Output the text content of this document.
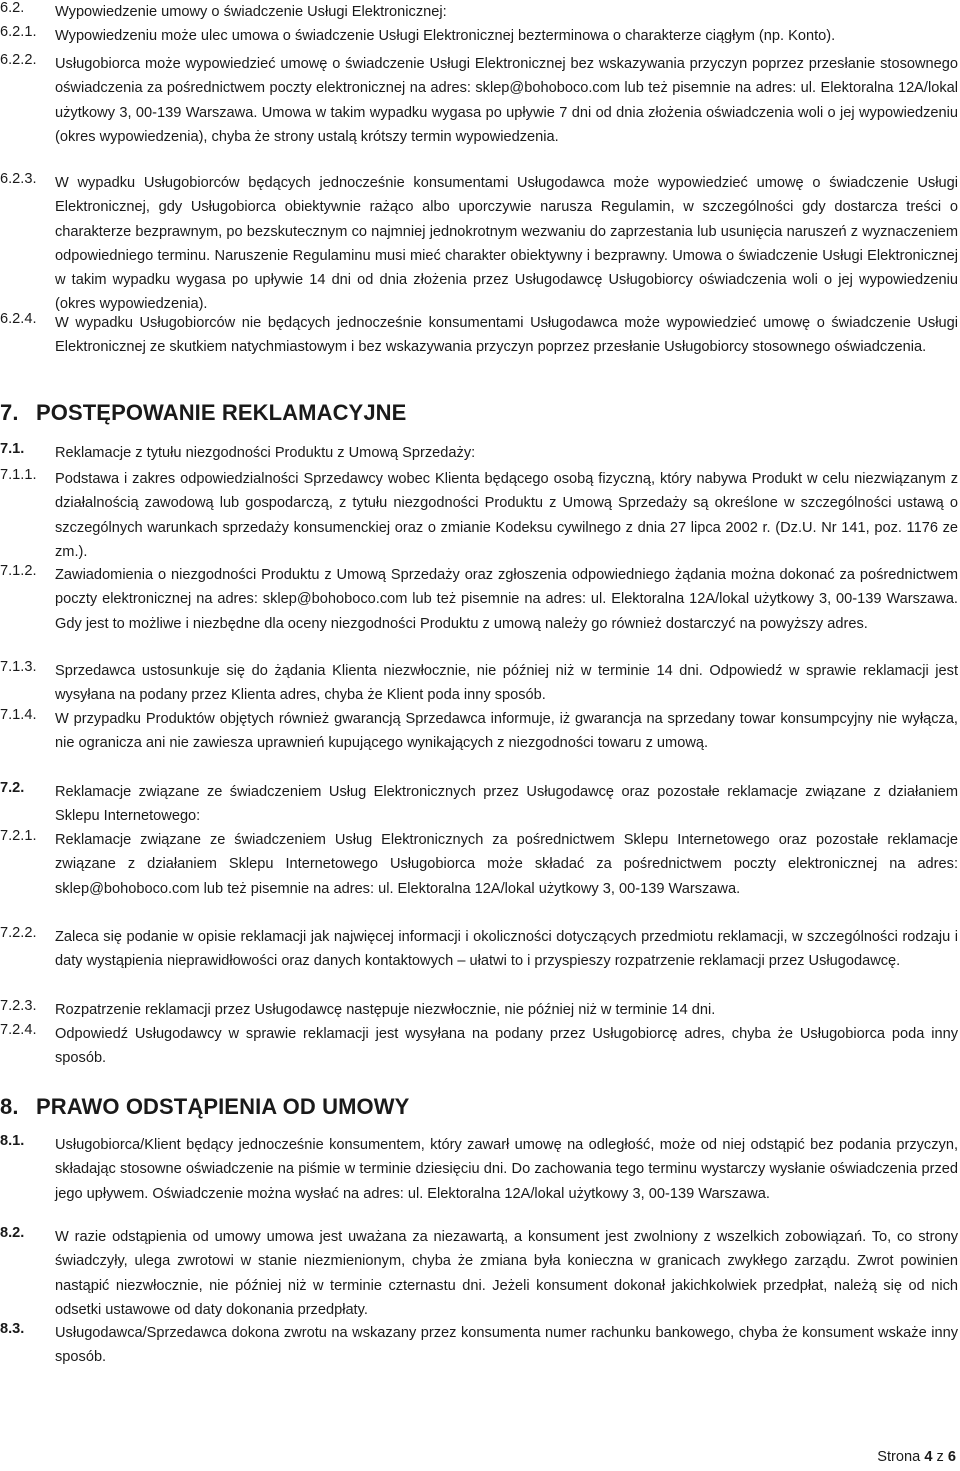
6.2. Wypowiedzenie umowy o świadczenie Usługi Elektronicznej:
6.2.1. Wypowiedzeniu może ulec umowa o świadczenie Usługi Elektronicznej bezterminowa o charakterze ciągłym (np. Konto).
6.2.2. Usługobiorca może wypowiedzieć umowę o świadczenie Usługi Elektronicznej bez wskazywania przyczyn poprzez przesłanie stosownego oświadczenia za pośrednictwem poczty elektronicznej na adres: sklep@bohoboco.com lub też pisemnie na adres: ul. Elektoralna 12A/lokal użytkowy 3, 00-139 Warszawa. Umowa w takim wypadku wygasa po upływie 7 dni od dnia złożenia oświadczenia woli o jej wypowiedzeniu (okres wypowiedzenia), chyba że strony ustalą krótszy termin wypowiedzenia.
6.2.3. W wypadku Usługobiorców będących jednocześnie konsumentami Usługodawca może wypowiedzieć umowę o świadczenie Usługi Elektronicznej, gdy Usługobiorca obiektywnie rażąco albo uporczywie narusza Regulamin, w szczególności gdy dostarcza treści o charakterze bezprawnym, po bezskutecznym co najmniej jednokrotnym wezwaniu do zaprzestania lub usunięcia naruszeń z wyznaczeniem odpowiedniego terminu. Naruszenie Regulaminu musi mieć charakter obiektywny i bezprawny. Umowa o świadczenie Usługi Elektronicznej w takim wypadku wygasa po upływie 14 dni od dnia złożenia przez Usługodawcę Usługobiorcy oświadczenia woli o jej wypowiedzeniu (okres wypowiedzenia).
6.2.4. W wypadku Usługobiorców nie będących jednocześnie konsumentami Usługodawca może wypowiedzieć umowę o świadczenie Usługi Elektronicznej ze skutkiem natychmiastowym i bez wskazywania przyczyn poprzez przesłanie Usługobiorcy stosownego oświadczenia.
7. POSTĘPOWANIE REKLAMACYJNE
7.1. Reklamacje z tytułu niezgodności Produktu z Umową Sprzedaży:
7.1.1. Podstawa i zakres odpowiedzialności Sprzedawcy wobec Klienta będącego osobą fizyczną, który nabywa Produkt w celu niezwiązanym z działalnością zawodową lub gospodarczą, z tytułu niezgodności Produktu z Umową Sprzedaży są określone w szczególności ustawą o szczególnych warunkach sprzedaży konsumenckiej oraz o zmianie Kodeksu cywilnego z dnia 27 lipca 2002 r. (Dz.U. Nr 141, poz. 1176 ze zm.).
7.1.2. Zawiadomienia o niezgodności Produktu z Umową Sprzedaży oraz zgłoszenia odpowiedniego żądania można dokonać za pośrednictwem poczty elektronicznej na adres: sklep@bohoboco.com lub też pisemnie na adres: ul. Elektoralna 12A/lokal użytkowy 3, 00-139 Warszawa. Gdy jest to możliwe i niezbędne dla oceny niezgodności Produktu z umową należy go również dostarczyć na powyższy adres.
7.1.3. Sprzedawca ustosunkuje się do żądania Klienta niezwłocznie, nie później niż w terminie 14 dni. Odpowiedź w sprawie reklamacji jest wysyłana na podany przez Klienta adres, chyba że Klient poda inny sposób.
7.1.4. W przypadku Produktów objętych również gwarancją Sprzedawca informuje, iż gwarancja na sprzedany towar konsumpcyjny nie wyłącza, nie ogranicza ani nie zawiesza uprawnień kupującego wynikających z niezgodności towaru z umową.
7.2. Reklamacje związane ze świadczeniem Usług Elektronicznych przez Usługodawcę oraz pozostałe reklamacje związane z działaniem Sklepu Internetowego:
7.2.1. Reklamacje związane ze świadczeniem Usług Elektronicznych za pośrednictwem Sklepu Internetowego oraz pozostałe reklamacje związane z działaniem Sklepu Internetowego Usługobiorca może składać za pośrednictwem poczty elektronicznej na adres: sklep@bohoboco.com lub też pisemnie na adres: ul. Elektoralna 12A/lokal użytkowy 3, 00-139 Warszawa.
7.2.2. Zaleca się podanie w opisie reklamacji jak najwięcej informacji i okoliczności dotyczących przedmiotu reklamacji, w szczególności rodzaju i daty wystąpienia nieprawidłowości oraz danych kontaktowych – ułatwi to i przyspieszy rozpatrzenie reklamacji przez Usługodawcę.
7.2.3. Rozpatrzenie reklamacji przez Usługodawcę następuje niezwłocznie, nie później niż w terminie 14 dni.
7.2.4. Odpowiedź Usługodawcy w sprawie reklamacji jest wysyłana na podany przez Usługobiorcę adres, chyba że Usługobiorca poda inny sposób.
8. PRAWO ODSTĄPIENIA OD UMOWY
8.1. Usługobiorca/Klient będący jednocześnie konsumentem, który zawarł umowę na odległość, może od niej odstąpić bez podania przyczyn, składając stosowne oświadczenie na piśmie w terminie dziesięciu dni. Do zachowania tego terminu wystarczy wysłanie oświadczenia przed jego upływem. Oświadczenie można wysłać na adres: ul. Elektoralna 12A/lokal użytkowy 3, 00-139 Warszawa.
8.2. W razie odstąpienia od umowy umowa jest uważana za niezawartą, a konsument jest zwolniony z wszelkich zobowiązań. To, co strony świadczyły, ulega zwrotowi w stanie niezmienionym, chyba że zmiana była konieczna w granicach zwykłego zarządu. Zwrot powinien nastąpić niezwłocznie, nie później niż w terminie czternastu dni. Jeżeli konsument dokonał jakichkolwiek przedpłat, należą się od nich odsetki ustawowe od daty dokonania przedpłaty.
8.3. Usługodawca/Sprzedawca dokona zwrotu na wskazany przez konsumenta numer rachunku bankowego, chyba że konsument wskaże inny sposób.
Strona 4 z 6
